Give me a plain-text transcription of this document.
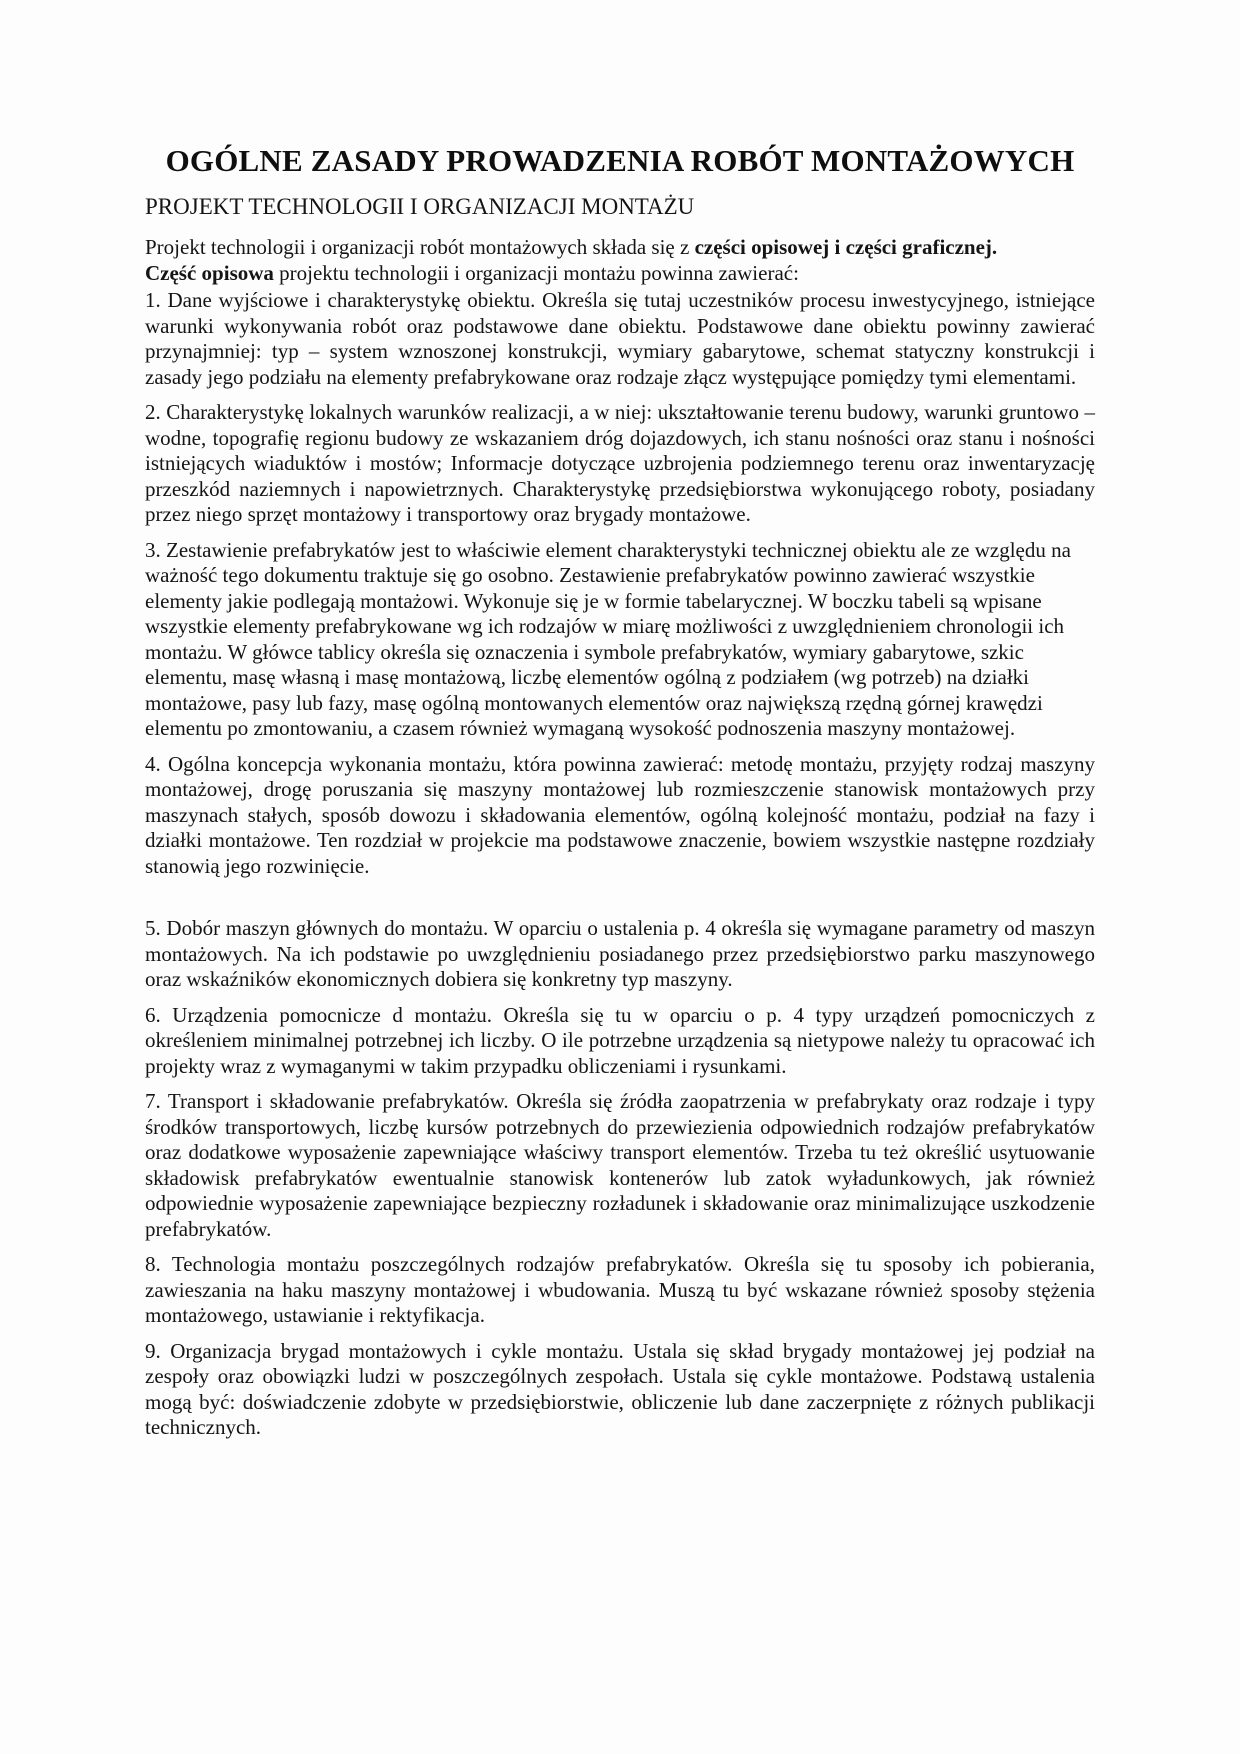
OGÓLNE ZASADY PROWADZENIA ROBÓT MONTAŻOWYCH
PROJEKT TECHNOLOGII I ORGANIZACJI MONTAŻU

Projekt technologii i organizacji robót montażowych składa się z części opisowej i części graficznej.
Część opisowa projektu technologii i organizacji montażu powinna zawierać:

1. Dane wyjściowe i charakterystykę obiektu. Określa się tutaj uczestników procesu inwestycyjnego, istniejące warunki wykonywania robót oraz podstawowe dane obiektu. Podstawowe dane obiektu powinny zawierać przynajmniej: typ – system wznoszonej konstrukcji, wymiary gabarytowe, schemat statyczny konstrukcji i zasady jego podziału na elementy prefabrykowane oraz rodzaje złącz występujące pomiędzy tymi elementami.

2. Charakterystykę lokalnych warunków realizacji, a w niej: ukształtowanie terenu budowy, warunki gruntowo – wodne, topografię regionu budowy ze wskazaniem dróg dojazdowych, ich stanu nośności oraz stanu i nośności istniejących wiaduktów i mostów; Informacje dotyczące uzbrojenia podziemnego terenu oraz inwentaryzację przeszkód naziemnych i napowietrznych. Charakterystykę przedsiębiorstwa wykonującego roboty, posiadany przez niego sprzęt montażowy i transportowy oraz brygady montażowe.

3. Zestawienie prefabrykatów jest to właściwie element charakterystyki technicznej obiektu ale ze względu na ważność tego dokumentu traktuje się go osobno. Zestawienie prefabrykatów powinno zawierać wszystkie elementy jakie podlegają montażowi. Wykonuje się je w formie tabelarycznej. W boczku tabeli są wpisane wszystkie elementy prefabrykowane wg ich rodzajów w miarę możliwości z uwzględnieniem chronologii ich montażu. W główce tablicy określa się oznaczenia i symbole prefabrykatów, wymiary gabarytowe, szkic elementu, masę własną i masę montażową, liczbę elementów ogólną z podziałem (wg potrzeb) na działki montażowe, pasy lub fazy, masę ogólną montowanych elementów oraz największą rzędną górnej krawędzi elementu po zmontowaniu, a czasem również wymaganą wysokość podnoszenia maszyny montażowej.

4. Ogólna koncepcja wykonania montażu, która powinna zawierać: metodę montażu, przyjęty rodzaj maszyny montażowej, drogę poruszania się maszyny montażowej lub rozmieszczenie stanowisk montażowych przy maszynach stałych, sposób dowozu i składowania elementów, ogólną kolejność montażu, podział na fazy i działki montażowe. Ten rozdział w projekcie ma podstawowe znaczenie, bowiem wszystkie następne rozdziały stanowią jego rozwinięcie.

5. Dobór maszyn głównych do montażu. W oparciu o ustalenia p. 4 określa się wymagane parametry od maszyn montażowych. Na ich podstawie po uwzględnieniu posiadanego przez przedsiębiorstwo parku maszynowego oraz wskaźników ekonomicznych dobiera się konkretny typ maszyny.

6. Urządzenia pomocnicze d montażu. Określa się tu w oparciu o p. 4 typy urządzeń pomocniczych z określeniem minimalnej potrzebnej ich liczby. O ile potrzebne urządzenia są nietypowe należy tu opracować ich projekty wraz z wymaganymi w takim przypadku obliczeniami i rysunkami.

7. Transport i składowanie prefabrykatów. Określa się źródła zaopatrzenia w prefabrykaty oraz rodzaje i typy środków transportowych, liczbę kursów potrzebnych do przewiezienia odpowiednich rodzajów prefabrykatów oraz dodatkowe wyposażenie zapewniające właściwy transport elementów. Trzeba tu też określić usytuowanie składowisk prefabrykatów ewentualnie stanowisk kontenerów lub zatok wyładunkowych, jak również odpowiednie wyposażenie zapewniające bezpieczny rozładunek i składowanie oraz minimalizujące uszkodzenie prefabrykatów.

8. Technologia montażu poszczególnych rodzajów prefabrykatów. Określa się tu sposoby ich pobierania, zawieszania na haku maszyny montażowej i wbudowania. Muszą tu być wskazane również sposoby stężenia montażowego, ustawianie i rektyfikacja.

9. Organizacja brygad montażowych i cykle montażu. Ustala się skład brygady montażowej jej podział na zespoły oraz obowiązki ludzi w poszczególnych zespołach. Ustala się cykle montażowe. Podstawą ustalenia mogą być: doświadczenie zdobyte w przedsiębiorstwie, obliczenie lub dane zaczerpnięte z różnych publikacji technicznych.
